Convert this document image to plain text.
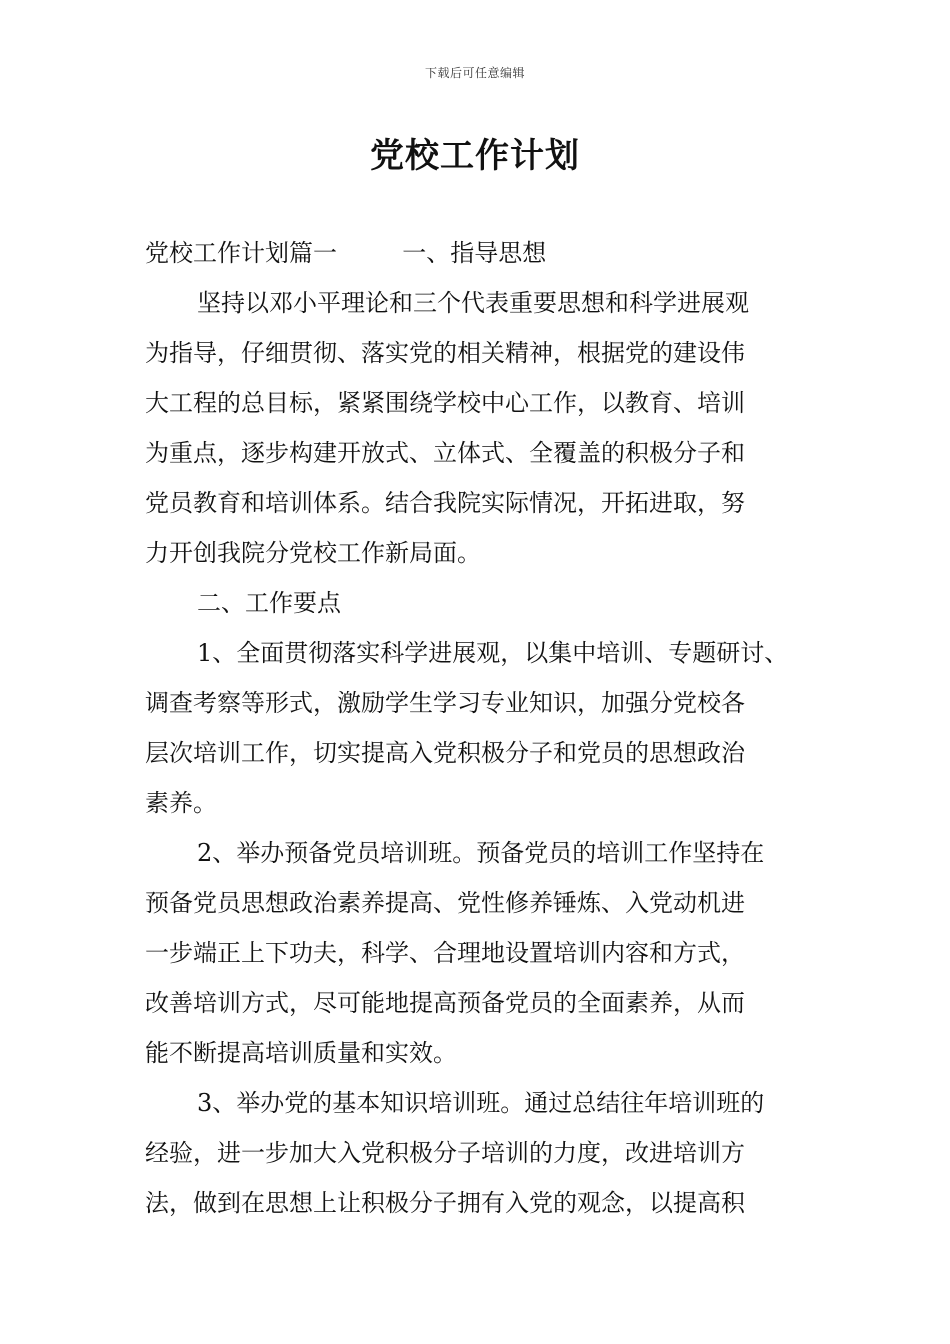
下载后可任意编辑
党校工作计划
党校工作计划篇一	一、指导思想
坚持以邓小平理论和三个代表重要思想和科学进展观
为指导，仔细贯彻、落实党的相关精神，根据党的建设伟
大工程的总目标，紧紧围绕学校中心工作，以教育、培训
为重点，逐步构建开放式、立体式、全覆盖的积极分子和
党员教育和培训体系。结合我院实际情况，开拓进取，努
力开创我院分党校工作新局面。
二、工作要点
1、全面贯彻落实科学进展观，以集中培训、专题研讨、
调查考察等形式，激励学生学习专业知识，加强分党校各
层次培训工作，切实提高入党积极分子和党员的思想政治
素养。
2、举办预备党员培训班。预备党员的培训工作坚持在
预备党员思想政治素养提高、党性修养锤炼、入党动机进
一步端正上下功夫，科学、合理地设置培训内容和方式，
改善培训方式，尽可能地提高预备党员的全面素养，从而
能不断提高培训质量和实效。
3、举办党的基本知识培训班。通过总结往年培训班的
经验，进一步加大入党积极分子培训的力度，改进培训方
法，做到在思想上让积极分子拥有入党的观念，以提高积
